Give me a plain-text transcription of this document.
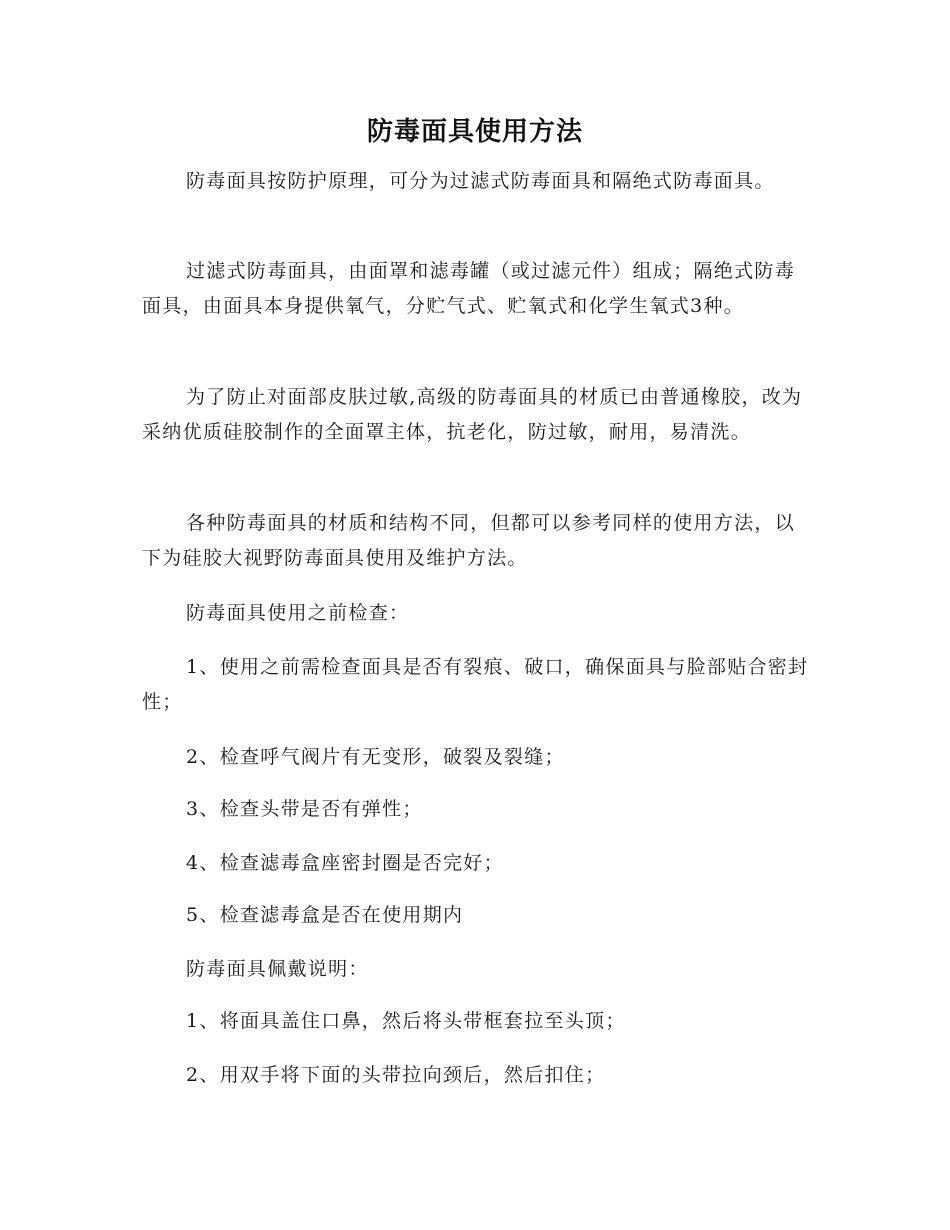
防毒面具使用方法

防毒面具按防护原理，可分为过滤式防毒面具和隔绝式防毒面具。

过滤式防毒面具，由面罩和滤毒罐（或过滤元件）组成；隔绝式防毒面具，由面具本身提供氧气，分贮气式、贮氧式和化学生氧式3种。

为了防止对面部皮肤过敏,高级的防毒面具的材质已由普通橡胶，改为采纳优质硅胶制作的全面罩主体，抗老化，防过敏，耐用，易清洗。

各种防毒面具的材质和结构不同，但都可以参考同样的使用方法，以下为硅胶大视野防毒面具使用及维护方法。

防毒面具使用之前检查：

1、使用之前需检查面具是否有裂痕、破口，确保面具与脸部贴合密封性；

2、检查呼气阀片有无变形，破裂及裂缝；

3、检查头带是否有弹性；

4、检查滤毒盒座密封圈是否完好；

5、检查滤毒盒是否在使用期内

防毒面具佩戴说明：

1、将面具盖住口鼻，然后将头带框套拉至头顶；

2、用双手将下面的头带拉向颈后，然后扣住；
